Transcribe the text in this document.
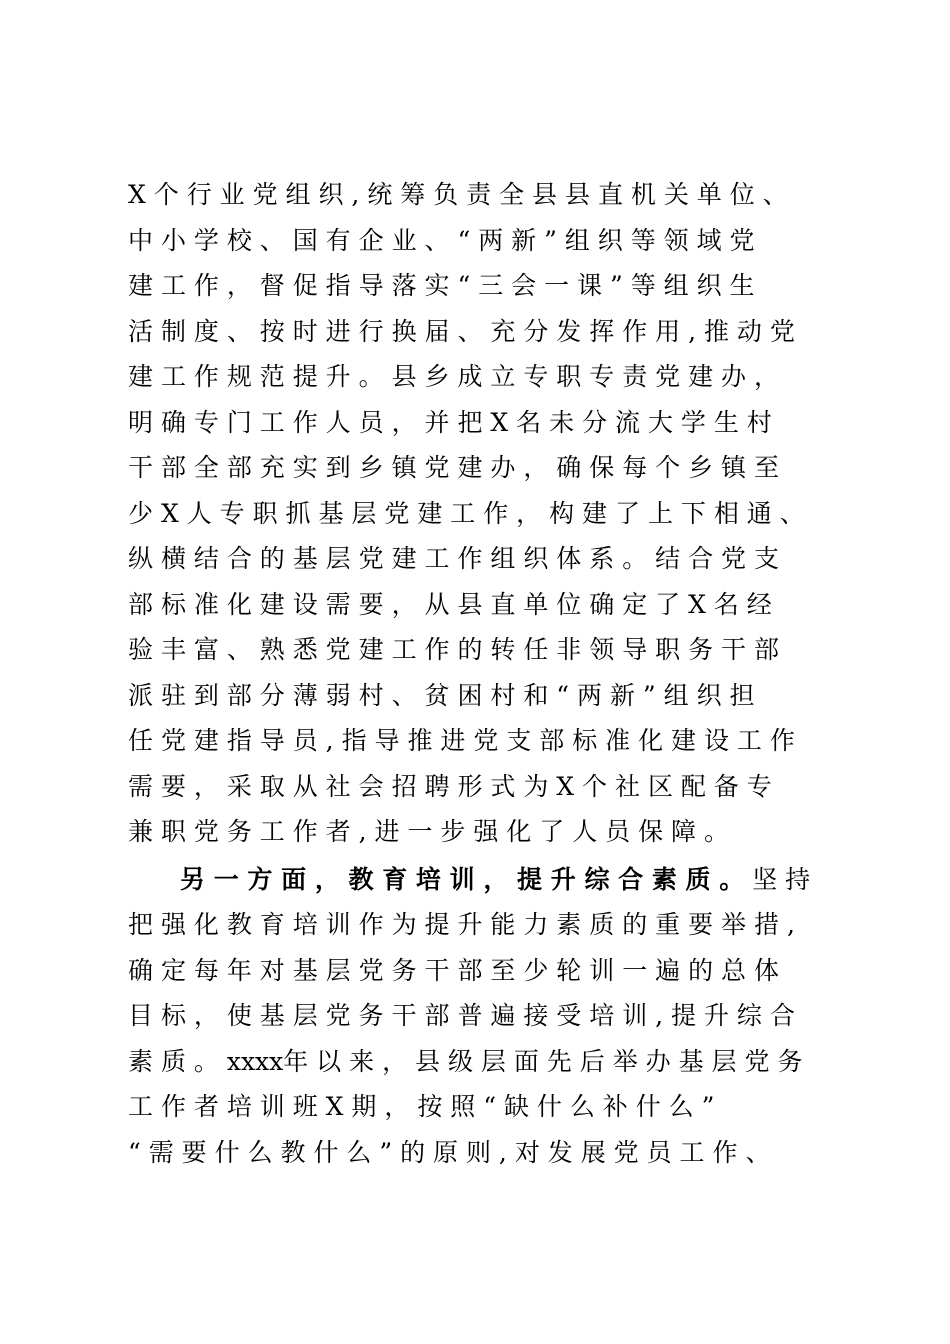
X 个 行 业 党 组 织 , 统 筹 负 责 全 县 县 直 机 关 单 位 、
中 小 学 校 、 国 有 企 业 、 “ 两 新 ” 组 织 等 领 域 党
建 工 作 ， 督 促 指 导 落 实 “ 三 会 一 课 ” 等 组 织 生
活 制 度 、 按 时 进 行 换 届 、 充 分 发 挥 作 用 , 推 动 党
建 工 作 规 范 提 升 。 县 乡 成 立 专 职 专 责 党 建 办 ，
明 确 专 门 工 作 人 员 ， 并 把 X 名 未 分 流 大 学 生 村
干 部 全 部 充 实 到 乡 镇 党 建 办 ， 确 保 每 个 乡 镇 至
少 X 人 专 职 抓 基 层 党 建 工 作 ， 构 建 了 上 下 相 通 、
纵 横 结 合 的 基 层 党 建 工 作 组 织 体 系 。 结 合 党 支
部 标 准 化 建 设 需 要 ， 从 县 直 单 位 确 定 了 X 名 经
验 丰 富 、 熟 悉 党 建 工 作 的 转 任 非 领 导 职 务 干 部
派 驻 到 部 分 薄 弱 村 、 贫 困 村 和 “ 两 新 ” 组 织 担
任 党 建 指 导 员 , 指 导 推 进 党 支 部 标 准 化 建 设 工 作
需 要 ， 采 取 从 社 会 招 聘 形 式 为 X 个 社 区 配 备 专
兼 职 党 务 工 作 者 , 进 一 步 强 化 了 人 员 保 障 。
另 一 方 面 ， 教 育 培 训 ， 提 升 综 合 素 质 。 坚 持
把 强 化 教 育 培 训 作 为 提 升 能 力 素 质 的 重 要 举 措 ,
确 定 每 年 对 基 层 党 务 干 部 至 少 轮 训 一 遍 的 总 体
目 标 ， 使 基 层 党 务 干 部 普 遍 接 受 培 训 , 提 升 综 合
素 质 。 xxxx年 以 来 ， 县 级 层 面 先 后 举 办 基 层 党 务
工 作 者 培 训 班 X 期 ， 按 照 “ 缺 什 么 补 什 么 ”
“ 需 要 什 么 教 什 么 ” 的 原 则 , 对 发 展 党 员 工 作 、
